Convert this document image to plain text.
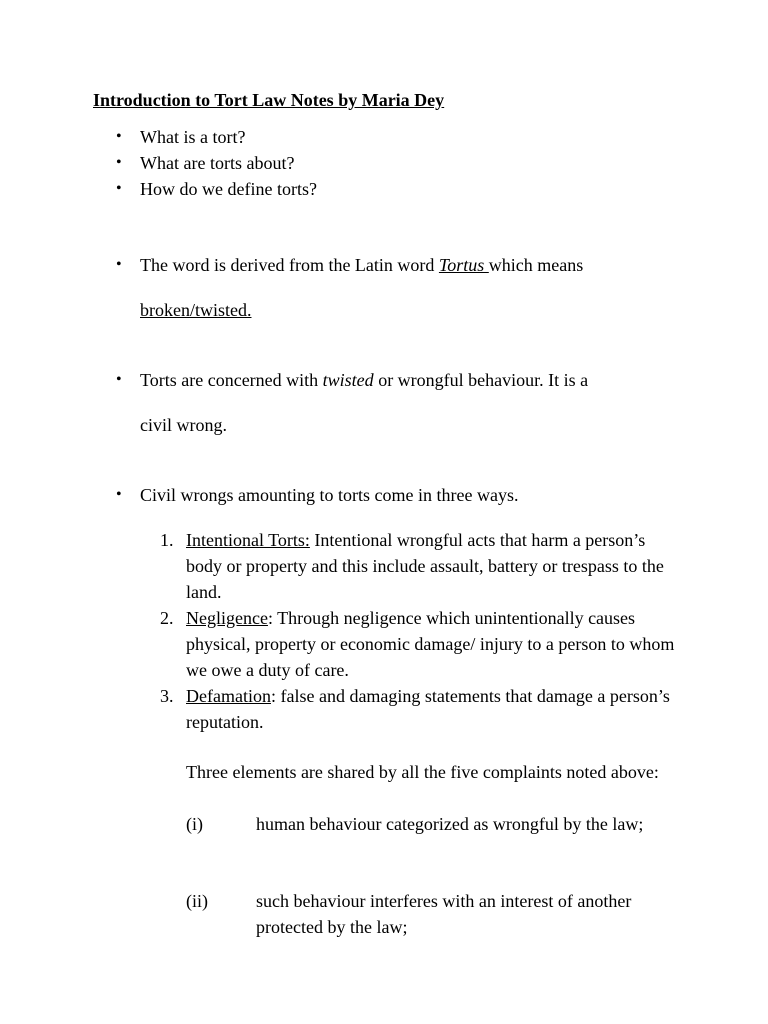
Introduction to Tort Law Notes by Maria Dey
• What is a tort?
• What are torts about?
• How do we define torts?
• The word is derived from the Latin word Tortus which means
broken/twisted.
• Torts are concerned with twisted or wrongful behaviour. It is a
civil wrong.
• Civil wrongs amounting to torts come in three ways.
1. Intentional Torts: Intentional wrongful acts that harm a person’s body or property and this include assault, battery or trespass to the land.
2. Negligence: Through negligence which unintentionally causes physical, property or economic damage/ injury to a person to whom we owe a duty of care.
3. Defamation: false and damaging statements that damage a person’s reputation.
Three elements are shared by all the five complaints noted above:
(i)	human behaviour categorized as wrongful by the law;
(ii)	such behaviour interferes with an interest of another protected by the law;
